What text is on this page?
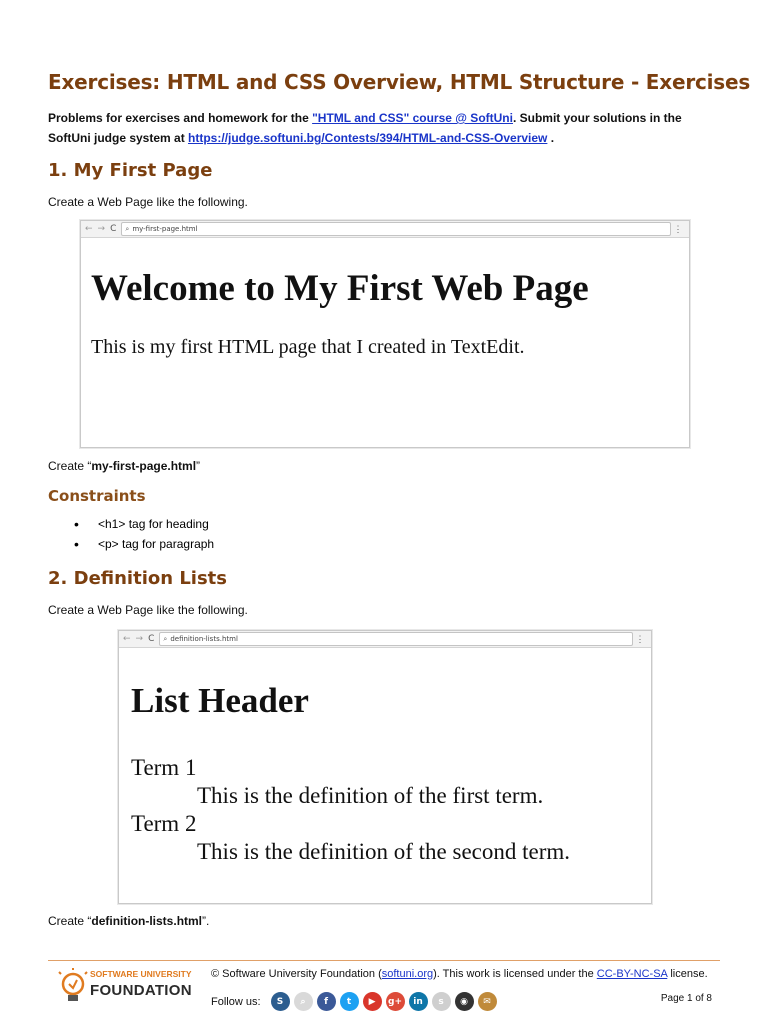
Exercises: HTML and CSS Overview, HTML Structure - Exercises
Problems for exercises and homework for the "HTML and CSS" course @ SoftUni. Submit your solutions in the SoftUni judge system at https://judge.softuni.bg/Contests/394/HTML-and-CSS-Overview .
1. My First Page

Create a Web Page like the following.

← → C ⌕ my-first-page.html	⋮
Welcome to My First Web Page
This is my first HTML page that I created in TextEdit.

Create “my-first-page.html”

Constraints
• <h1> tag for heading
• <p> tag for paragraph
2. Definition Lists

Create a Web Page like the following.

← → C ⌕ definition-lists.html	⋮
List Header
Term 1
This is the definition of the first term.
Term 2
This is the definition of the second term.

Create “definition-lists.html”.

SOFTWARE UNIVERSITY
FOUNDATION
© Software University Foundation (softuni.org). This work is licensed under the CC-BY-NC-SA license.
Follow us:	S	⌕	f	t	▶	g+	in	s	◉	✉	Page 1 of 8
